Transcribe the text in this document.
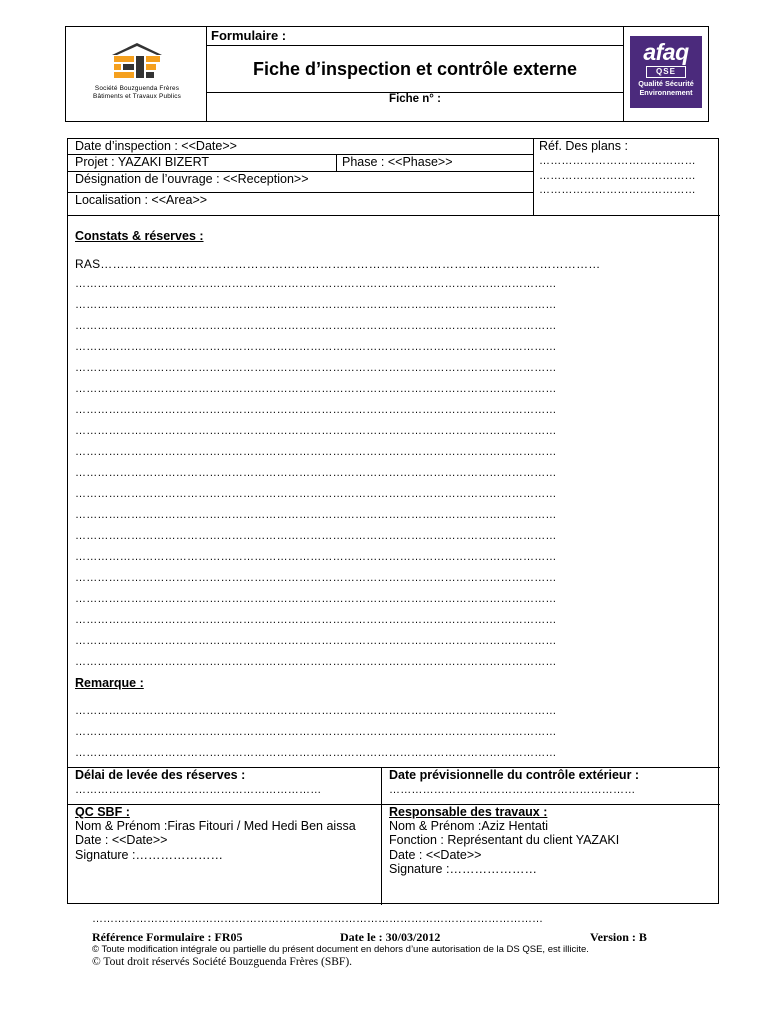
Société Bouzguenda Frères
Bâtiments et Travaux Publics
Formulaire :
Fiche d’inspection et contrôle externe
Fiche n° :
afaq
QSE
Qualité Sécurité
Environnement
Date d’inspection : <<Date>>
Projet : YAZAKI BIZERT	Phase : <<Phase>>
Désignation de l’ouvrage : <<Reception>>
Localisation : <<Area>>
Réf. Des plans :
……………………………………
……………………………………
……………………………………
Constats & réserves :
RAS……………………………………………………………………………………………………………
…………………………………………………………………………………………………………………
…………………………………………………………………………………………………………………
…………………………………………………………………………………………………………………
…………………………………………………………………………………………………………………
…………………………………………………………………………………………………………………
…………………………………………………………………………………………………………………
…………………………………………………………………………………………………………………
…………………………………………………………………………………………………………………
…………………………………………………………………………………………………………………
…………………………………………………………………………………………………………………
…………………………………………………………………………………………………………………
…………………………………………………………………………………………………………………
…………………………………………………………………………………………………………………
…………………………………………………………………………………………………………………
…………………………………………………………………………………………………………………
…………………………………………………………………………………………………………………
…………………………………………………………………………………………………………………
…………………………………………………………………………………………………………………
…………………………………………………………………………………………………………………
Remarque :
…………………………………………………………………………………………………………………
…………………………………………………………………………………………………………………
…………………………………………………………………………………………………………………
Délai de levée des réserves :
…………………………………………………………
Date prévisionnelle du contrôle extérieur :
…………………………………………………………
QC SBF :
Nom & Prénom :Firas Fitouri / Med Hedi Ben aissa
Date : <<Date>>
Signature :…………………
Responsable des travaux :
Nom & Prénom :Aziz Hentati
Fonction : Représentant du client YAZAKI
Date : <<Date>>
Signature :…………………
……………………………………………………………………………………………………………
Référence Formulaire : FR05	Date le : 30/03/2012	Version : B
© Toute modification intégrale ou partielle du présent document en dehors d’une autorisation de la DS QSE, est illicite.
© Tout droit réservés Société Bouzguenda Frères (SBF).
